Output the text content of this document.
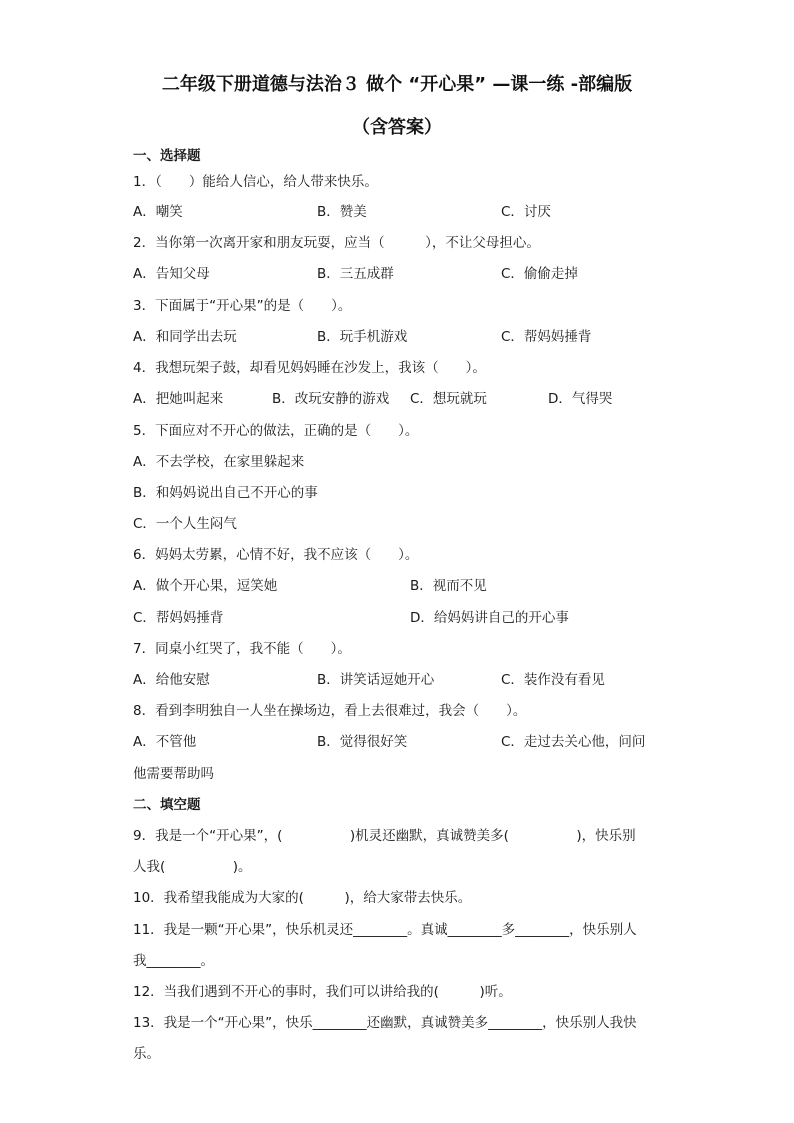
二年级下册道德与法治３ 做个 “开心果” —课一练 -部编版
（含答案）
一、选择题
1．（　　）能给人信心，给人带来快乐。
A．嘲笑	B．赞美	C．讨厌
2．当你第一次离开家和朋友玩耍，应当（　　　），不让父母担心。
A．告知父母	B．三五成群	C．偷偷走掉
3．下面属于“开心果”的是（　　）。
A．和同学出去玩	B．玩手机游戏	C．帮妈妈捶背
4．我想玩架子鼓，却看见妈妈睡在沙发上，我该（　　）。
A．把她叫起来	B．改玩安静的游戏 C．想玩就玩	D．气得哭
5．下面应对不开心的做法，正确的是（　　）。
A．不去学校，在家里躲起来
B．和妈妈说出自己不开心的事
C．一个人生闷气
6．妈妈太劳累，心情不好，我不应该（　　）。
A．做个开心果，逗笑她	B．视而不见
C．帮妈妈捶背	D．给妈妈讲自己的开心事
7．同桌小红哭了，我不能（　　）。
A．给他安慰	B．讲笑话逗她开心	C．装作没有看见
8．看到李明独自一人坐在操场边，看上去很难过，我会（　　）。
A．不管他	B．觉得很好笑	C．走过去关心他，问问
他需要帮助吗
二、填空题
9．我是一个“开心果”，(　　　　　)机灵还幽默，真诚赞美多(　　　　　)，快乐别
人我(　　　　　)。
10．我希望我能成为大家的(　　　)，给大家带去快乐。
11．我是一颗“开心果”，快乐机灵还________。真诚________多________，快乐别人
我________。
12．当我们遇到不开心的事时，我们可以讲给我的(　　　)听。
13．我是一个“开心果”，快乐________还幽默，真诚赞美多________，快乐别人我快
乐。
